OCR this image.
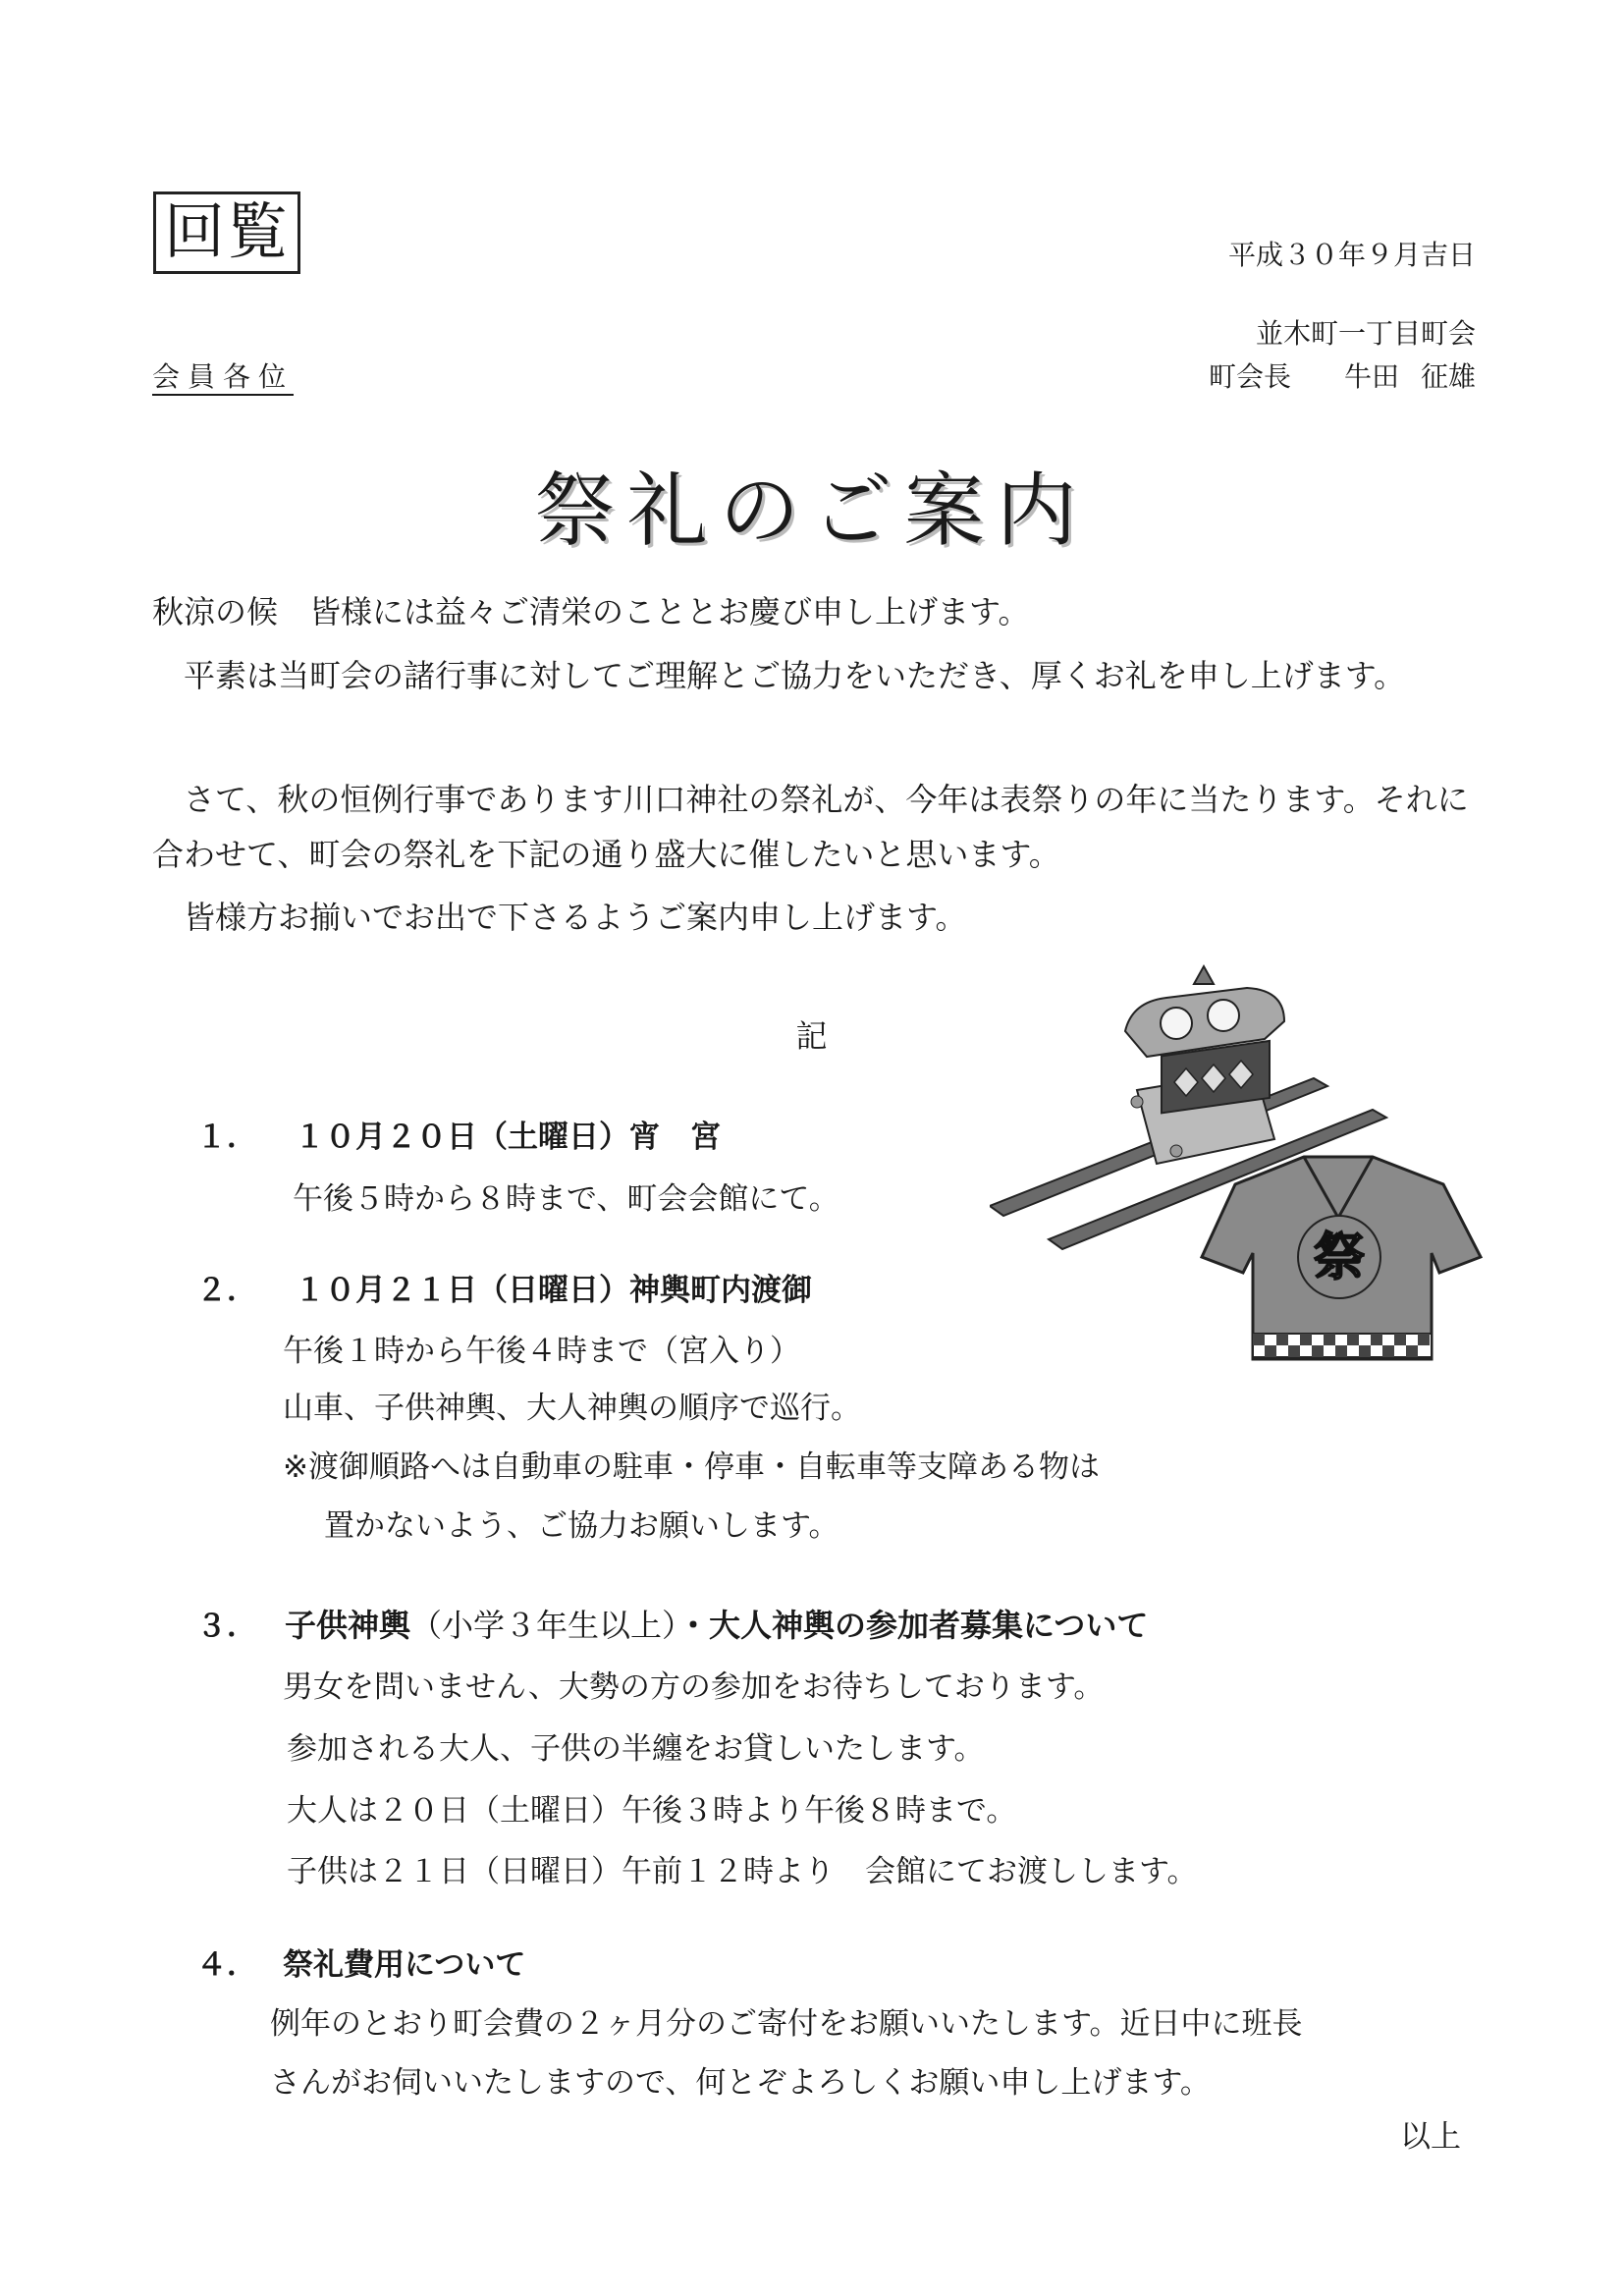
回覧	平成３０年９月吉日
並木町一丁目町会
町会長 牛田 征雄
会員各位
祭礼のご案内
秋涼の候　皆様には益々ご清栄のこととお慶び申し上げます。
平素は当町会の諸行事に対してご理解とご協力をいただき、厚くお礼を申し上げます。
さて、秋の恒例行事であります川口神社の祭礼が、今年は表祭りの年に当たります。それに合わせて、町会の祭礼を下記の通り盛大に催したいと思います。
皆様方お揃いでお出で下さるようご案内申し上げます。
記
祭
１． １０月２０日（土曜日）宵　宮
午後５時から８時まで、町会会館にて。
２． １０月２１日（日曜日）神輿町内渡御
午後１時から午後４時まで（宮入り）
山車、子供神輿、大人神輿の順序で巡行。
※渡御順路へは自動車の駐車・停車・自転車等支障ある物は
置かないよう、ご協力お願いします。
３． 子供神輿（小学３年生以上）・大人神輿の参加者募集について
男女を問いません、大勢の方の参加をお待ちしております。
参加される大人、子供の半纏をお貸しいたします。
大人は２０日（土曜日）午後３時より午後８時まで。
子供は２１日（日曜日）午前１２時より　会館にてお渡しします。
４． 祭礼費用について
例年のとおり町会費の２ヶ月分のご寄付をお願いいたします。近日中に班長
さんがお伺いいたしますので、何とぞよろしくお願い申し上げます。
以上
